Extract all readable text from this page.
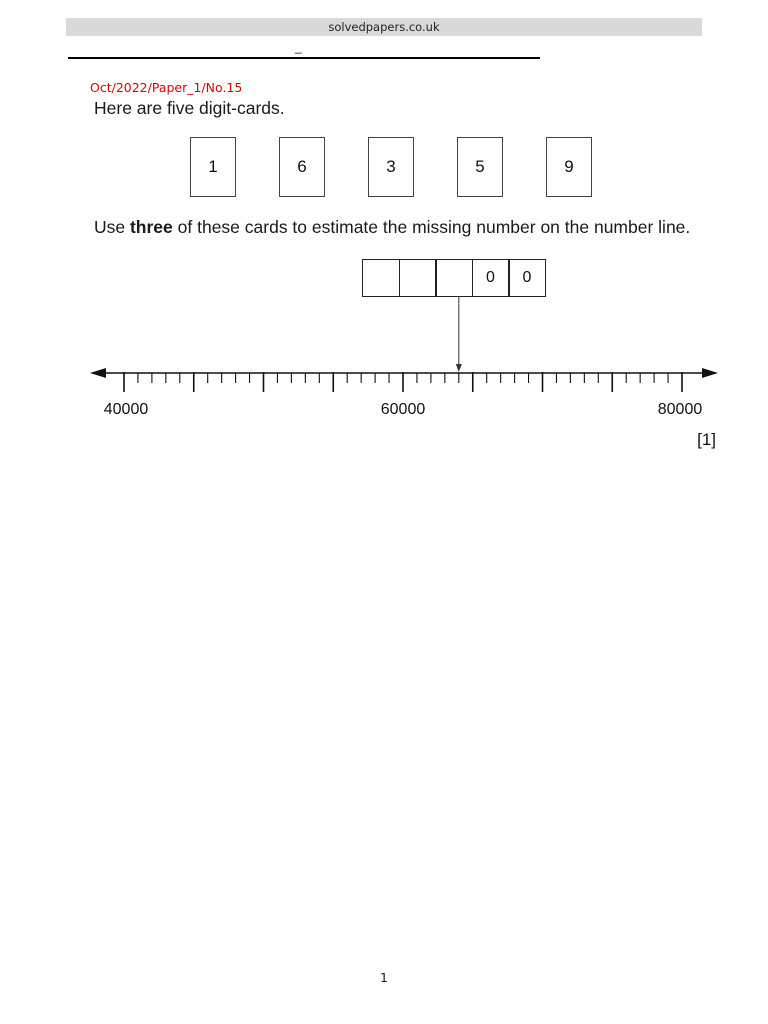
solvedpapers.co.uk
_
Oct/2022/Paper_1/No.15
Here are five digit-cards.
1	6	3	5	9
Use three of these cards to estimate the missing number on the number line.
0	0
40000	60000	80000
[1]
1
